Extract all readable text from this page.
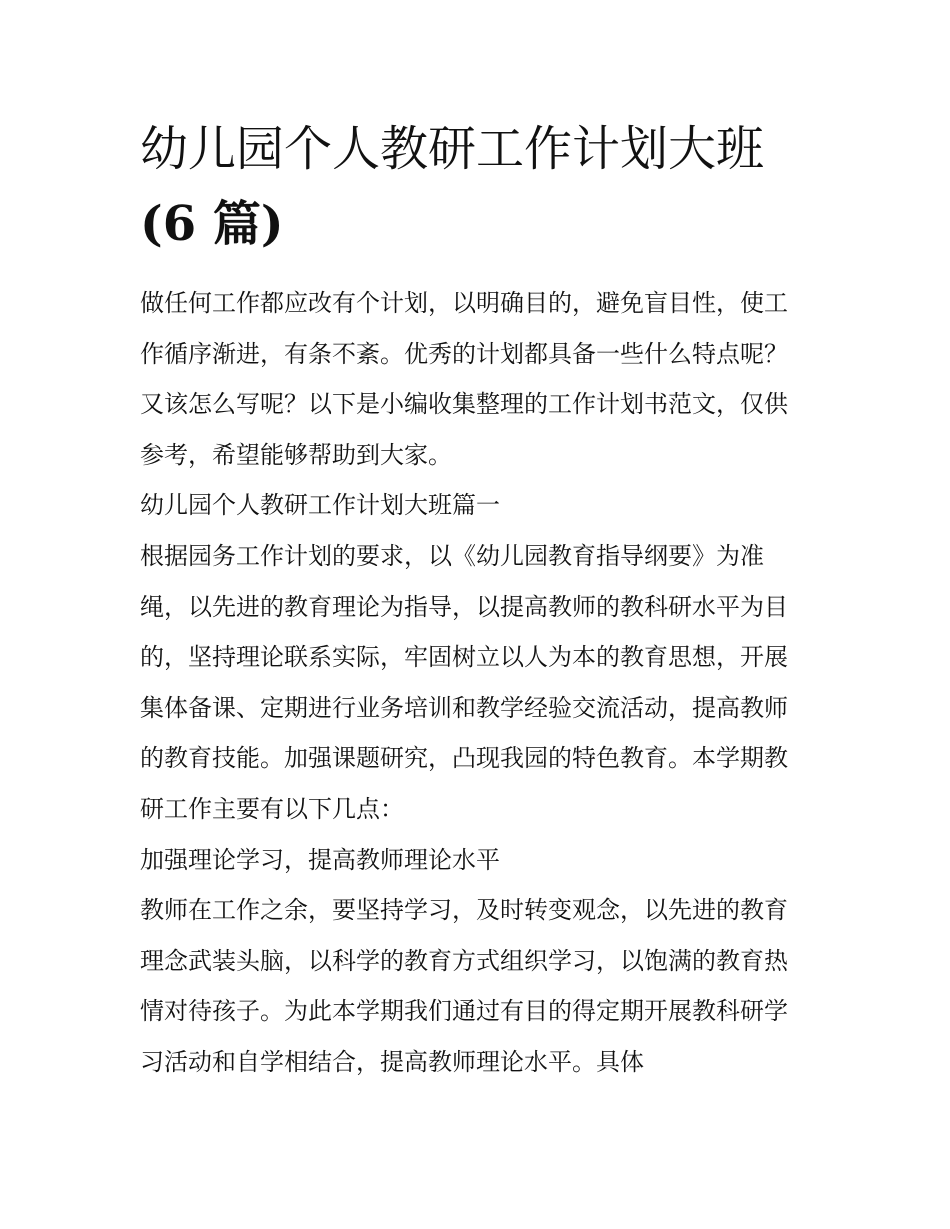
幼儿园个人教研工作计划大班
(6 篇)

做任何工作都应改有个计划，以明确目的，避免盲目性，使工
作循序渐进，有条不紊。优秀的计划都具备一些什么特点呢？
又该怎么写呢？以下是小编收集整理的工作计划书范文，仅供
参考，希望能够帮助到大家。

幼儿园个人教研工作计划大班篇一

根据园务工作计划的要求，以《幼儿园教育指导纲要》为准
绳，以先进的教育理论为指导，以提高教师的教科研水平为目
的，坚持理论联系实际，牢固树立以人为本的教育思想，开展
集体备课、定期进行业务培训和教学经验交流活动，提高教师
的教育技能。加强课题研究，凸现我园的特色教育。本学期教
研工作主要有以下几点：

加强理论学习，提高教师理论水平

教师在工作之余，要坚持学习，及时转变观念，以先进的教育
理念武装头脑，以科学的教育方式组织学习，以饱满的教育热
情对待孩子。为此本学期我们通过有目的得定期开展教科研学
习活动和自学相结合，提高教师理论水平。具体
